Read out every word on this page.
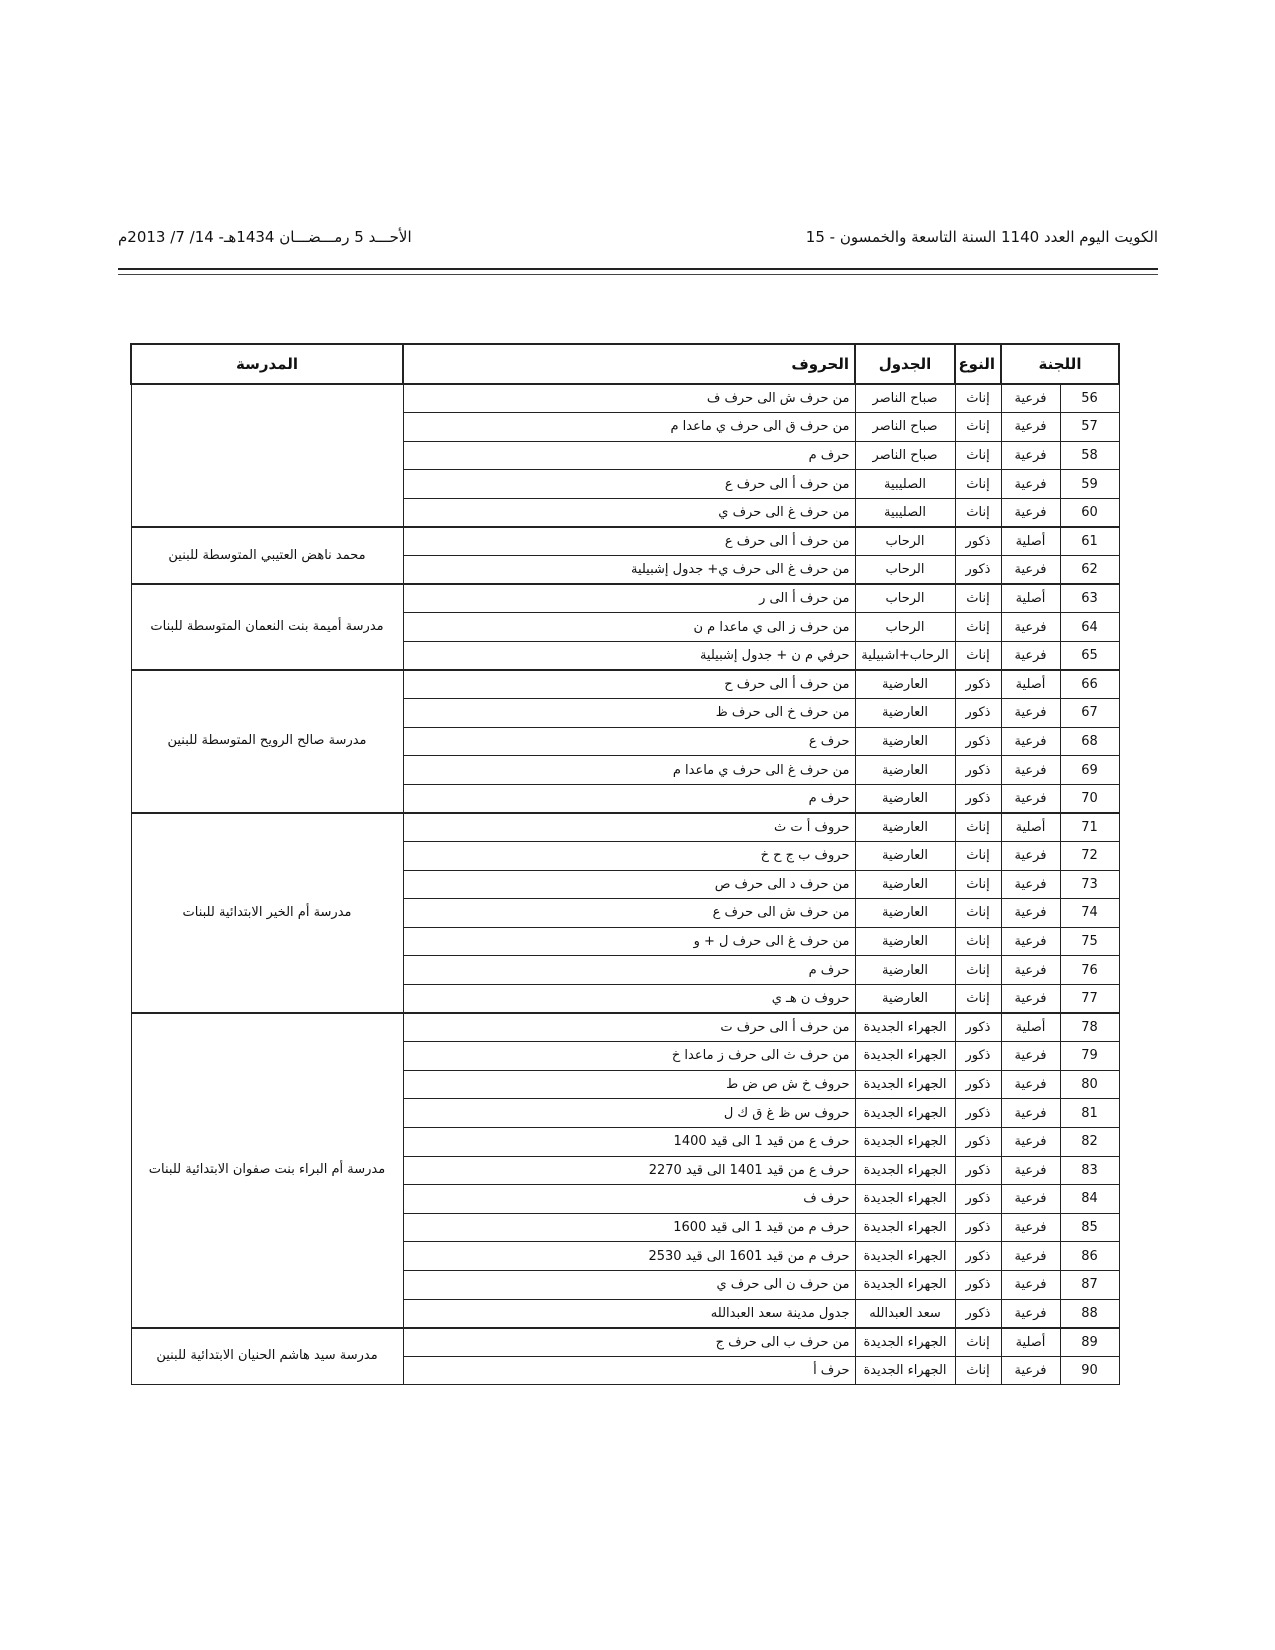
الكويت اليوم العدد 1140 السنة التاسعة والخمسون - 15
الأحـــد 5 رمـــضـــان 1434هـ- 14/ 7/ 2013م
اللجنة		النوع	الجدول	الحروف	المدرسة
56	فرعية	إناث	صباح الناصر	من حرف ش الى حرف ف	
57	فرعية	إناث	صباح الناصر	من حرف ق الى حرف ي ماعدا م	
58	فرعية	إناث	صباح الناصر	حرف م	
59	فرعية	إناث	الصليبية	من حرف أ الى حرف ع	
60	فرعية	إناث	الصليبية	من حرف غ الى حرف ي	
61	أصلية	ذكور	الرحاب	من حرف أ الى حرف ع	محمد ناهض العتيبي المتوسطة للبنين
62	فرعية	ذكور	الرحاب	من حرف غ الى حرف ي+ جدول إشبيلية	
63	أصلية	إناث	الرحاب	من حرف أ الى ر	مدرسة أميمة بنت النعمان المتوسطة للبنات
64	فرعية	إناث	الرحاب	من حرف ز الى ي ماعدا م ن	
65	فرعية	إناث	الرحاب+اشبيلية	حرفي م ن + جدول إشبيلية	
66	أصلية	ذكور	العارضية	من حرف أ الى حرف ح	مدرسة صالح الرويح المتوسطة للبنين
67	فرعية	ذكور	العارضية	من حرف خ الى حرف ظ	
68	فرعية	ذكور	العارضية	حرف ع	
69	فرعية	ذكور	العارضية	من حرف غ الى حرف ي ماعدا م	
70	فرعية	ذكور	العارضية	حرف م	
71	أصلية	إناث	العارضية	حروف أ ت ث	مدرسة أم الخير الابتدائية للبنات
72	فرعية	إناث	العارضية	حروف ب ج ح خ	
73	فرعية	إناث	العارضية	من حرف د الى حرف ص	
74	فرعية	إناث	العارضية	من حرف ش الى حرف ع	
75	فرعية	إناث	العارضية	من حرف غ الى حرف ل + و	
76	فرعية	إناث	العارضية	حرف م	
77	فرعية	إناث	العارضية	حروف ن هـ ي	
78	أصلية	ذكور	الجهراء الجديدة	من حرف أ الى حرف ت	مدرسة أم البراء بنت صفوان الابتدائية للبنات
79	فرعية	ذكور	الجهراء الجديدة	من حرف ث الى حرف ز ماعدا خ	
80	فرعية	ذكور	الجهراء الجديدة	حروف خ ش ص ض ط	
81	فرعية	ذكور	الجهراء الجديدة	حروف س ظ غ ق ك ل	
82	فرعية	ذكور	الجهراء الجديدة	حرف ع من قيد 1 الى قيد 1400	
83	فرعية	ذكور	الجهراء الجديدة	حرف ع من قيد 1401 الى قيد 2270	
84	فرعية	ذكور	الجهراء الجديدة	حرف ف	
85	فرعية	ذكور	الجهراء الجديدة	حرف م من قيد 1 الى قيد 1600	
86	فرعية	ذكور	الجهراء الجديدة	حرف م من قيد 1601 الى قيد 2530	
87	فرعية	ذكور	الجهراء الجديدة	من حرف ن الى حرف ي	
88	فرعية	ذكور	سعد العبدالله	جدول مدينة سعد العبدالله	
89	أصلية	إناث	الجهراء الجديدة	من حرف ب الى حرف ج	مدرسة سيد هاشم الحنيان الابتدائية للبنين
90	فرعية	إناث	الجهراء الجديدة	حرف أ	
